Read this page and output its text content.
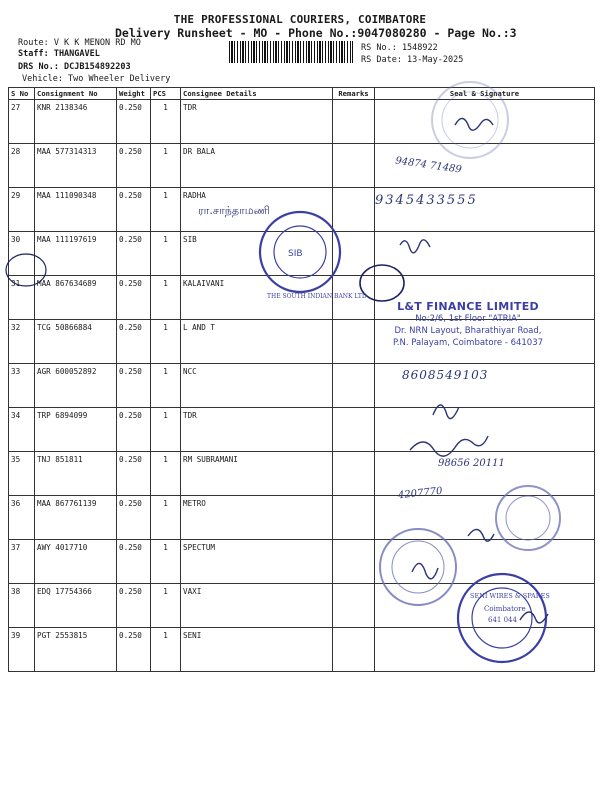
THE PROFESSIONAL COURIERS, COIMBATORE
Delivery Runsheet - MO - Phone No.:9047080280 - Page No.:3
Route: V K K MENON RD MO
Staff: THANGAVEL
DRS No.: DCJB154892203
Vehicle: Two Wheeler Delivery
RS No.: 1548922
RS Date: 13-May-2025
S No	Consignment No	Weight	PCS	Consignee Details	Remarks	Seal & Signature
27	KNR 2138346	0.250	1	TDR		
28	MAA 577314313	0.250	1	DR BALA		
29	MAA 111090348	0.250	1	RADHA		
30	MAA 111197619	0.250	1	SIB		
31	MAA 867634689	0.250	1	KALAIVANI		
32	TCG 50866884	0.250	1	L AND T		
33	AGR 600052892	0.250	1	NCC		
34	TRP 6894099	0.250	1	TDR		
35	TNJ 851811	0.250	1	RM SUBRAMANI		
36	MAA 867761139	0.250	1	METRO		
37	AWY 4017710	0.250	1	SPECTUM		
38	EDQ 17754366	0.250	1	VAXI		
39	PGT 2553815	0.250	1	SENI		
SIB
L&T FINANCE LIMITED
No:2/6, 1st Floor "ATRIA"
Dr. NRN Layout, Bharathiyar Road,
P.N. Palayam, Coimbatore - 641037
THE SOUTH INDIAN BANK LTD
SENI WIRES & SPARES
Coimbatore
641 044
94874 71489
ரா.சாந்தாமணி
9345433555
8608549103
98656 20111
4207770
